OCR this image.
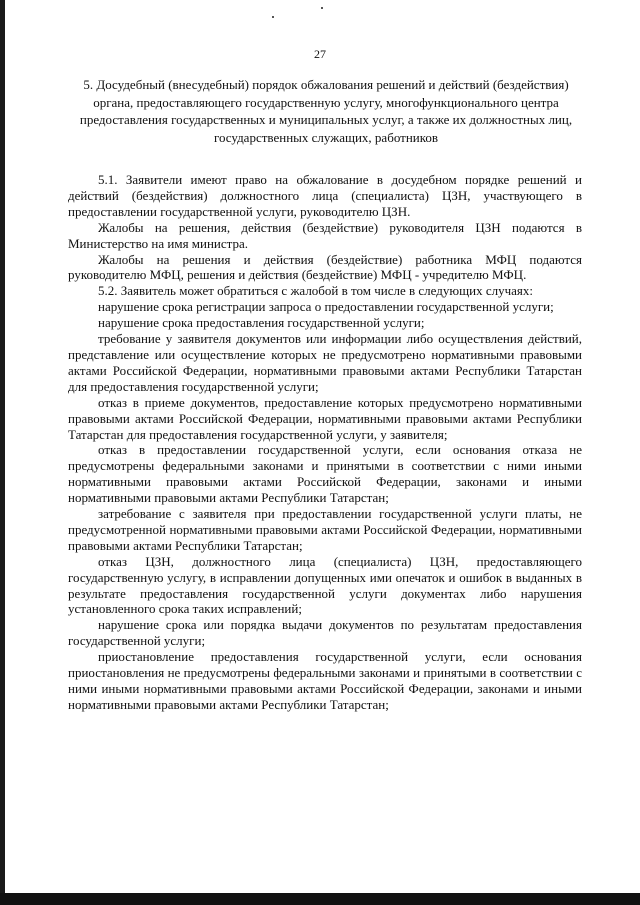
27
5. Досудебный (внесудебный) порядок обжалования решений и действий (бездействия) органа, предоставляющего государственную услугу, многофункционального центра предоставления государственных и муниципальных услуг, а также их должностных лиц, государственных служащих, работников

5.1. Заявители имеют право на обжалование в досудебном порядке решений и действий (бездействия) должностного лица (специалиста) ЦЗН, участвующего в предоставлении государственной услуги, руководителю ЦЗН.

Жалобы на решения, действия (бездействие) руководителя ЦЗН подаются в Министерство на имя министра.

Жалобы на решения и действия (бездействие) работника МФЦ подаются руководителю МФЦ, решения и действия (бездействие) МФЦ - учредителю МФЦ.

5.2. Заявитель может обратиться с жалобой в том числе в следующих случаях:

нарушение срока регистрации запроса о предоставлении государственной услуги;

нарушение срока предоставления государственной услуги;

требование у заявителя документов или информации либо осуществления действий, представление или осуществление которых не предусмотрено нормативными правовыми актами Российской Федерации, нормативными правовыми актами Республики Татарстан для предоставления государственной услуги;

отказ в приеме документов, предоставление которых предусмотрено нормативными правовыми актами Российской Федерации, нормативными правовыми актами Республики Татарстан для предоставления государственной услуги, у заявителя;

отказ в предоставлении государственной услуги, если основания отказа не предусмотрены федеральными законами и принятыми в соответствии с ними иными нормативными правовыми актами Российской Федерации, законами и иными нормативными правовыми актами Республики Татарстан;

затребование с заявителя при предоставлении государственной услуги платы, не предусмотренной нормативными правовыми актами Российской Федерации, нормативными правовыми актами Республики Татарстан;

отказ ЦЗН, должностного лица (специалиста) ЦЗН, предоставляющего государственную услугу, в исправлении допущенных ими опечаток и ошибок в выданных в результате предоставления государственной услуги документах либо нарушения установленного срока таких исправлений;

нарушение срока или порядка выдачи документов по результатам предоставления государственной услуги;

приостановление предоставления государственной услуги, если основания приостановления не предусмотрены федеральными законами и принятыми в соответствии с ними иными нормативными правовыми актами Российской Федерации, законами и иными нормативными правовыми актами Республики Татарстан;
